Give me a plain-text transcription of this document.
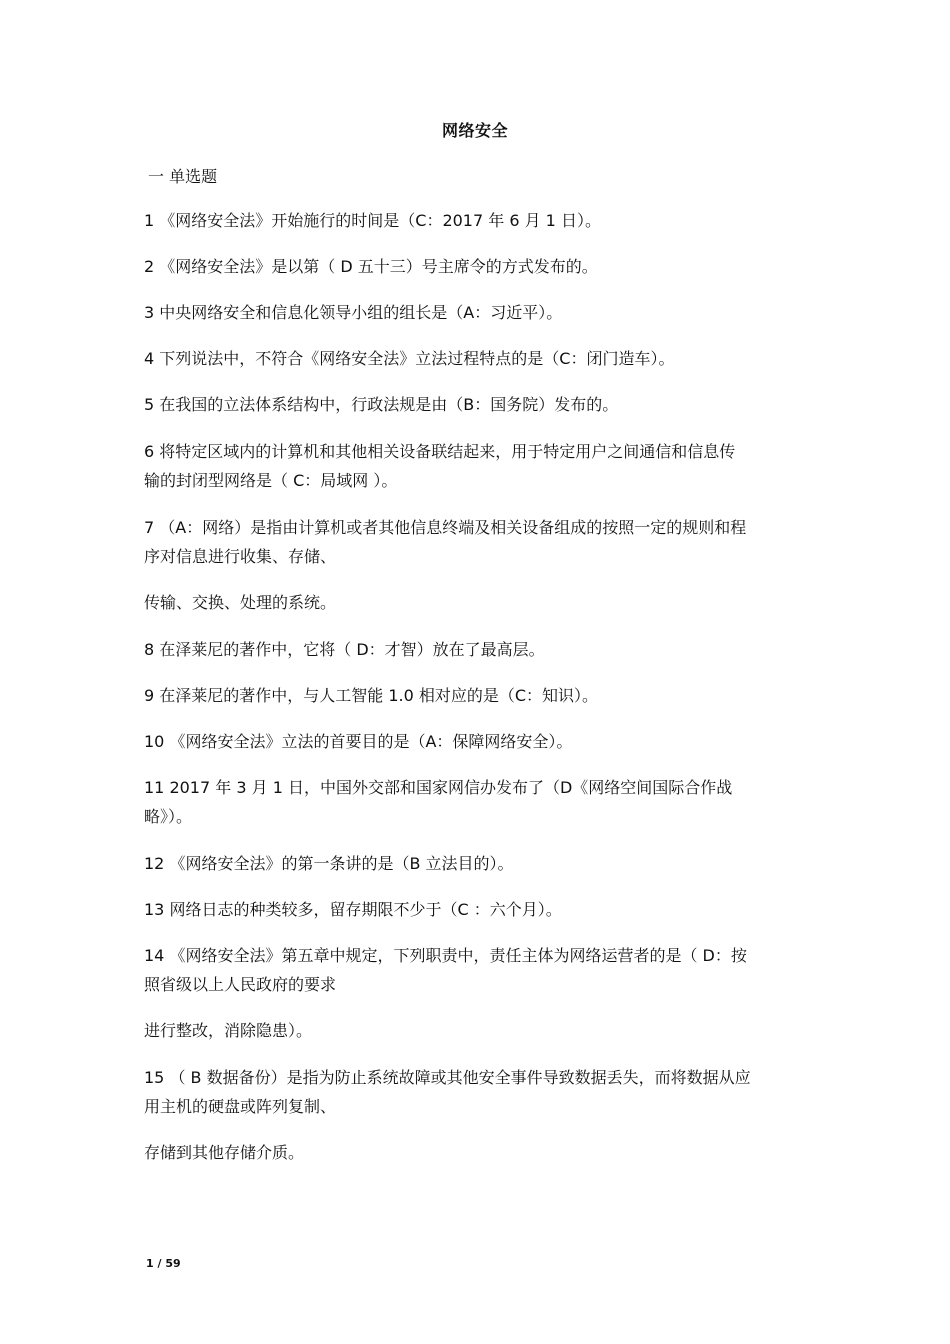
网络安全
一 单选题
1 《网络安全法》开始施行的时间是（C：2017 年 6 月 1 日）。
2 《网络安全法》是以第（ D 五十三）号主席令的方式发布的。
3 中央网络安全和信息化领导小组的组长是（A：习近平）。
4 下列说法中，不符合《网络安全法》立法过程特点的是（C：闭门造车）。
5 在我国的立法体系结构中，行政法规是由（B：国务院）发布的。
6 将特定区域内的计算机和其他相关设备联结起来，用于特定用户之间通信和信息传
输的封闭型网络是（ C：局域网 ）。
7 （A：网络）是指由计算机或者其他信息终端及相关设备组成的按照一定的规则和程
序对信息进行收集、存储、
传输、交换、处理的系统。
8 在泽莱尼的著作中，它将（ D：才智）放在了最高层。
9 在泽莱尼的著作中，与人工智能 1.0 相对应的是（C：知识）。
10 《网络安全法》立法的首要目的是（A：保障网络安全）。
11 2017 年 3 月 1 日，中国外交部和国家网信办发布了（D《网络空间国际合作战
略》）。
12 《网络安全法》的第一条讲的是（B 立法目的）。
13 网络日志的种类较多，留存期限不少于（C ：六个月）。
14 《网络安全法》第五章中规定，下列职责中，责任主体为网络运营者的是（ D：按
照省级以上人民政府的要求
进行整改，消除隐患）。
15 （ B 数据备份）是指为防止系统故障或其他安全事件导致数据丢失，而将数据从应
用主机的硬盘或阵列复制、
存储到其他存储介质。
1 / 59
